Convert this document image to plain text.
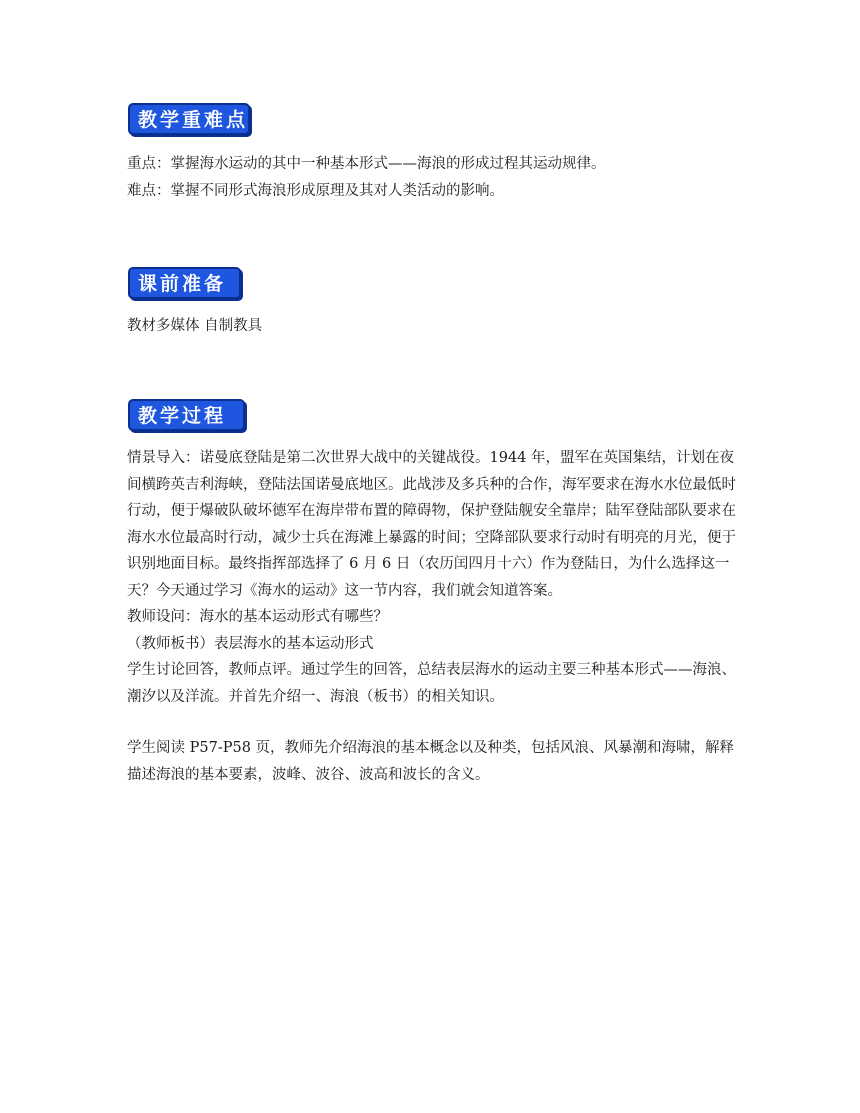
教学重难点

重点：掌握海水运动的其中一种基本形式——海浪的形成过程其运动规律。

难点：掌握不同形式海浪形成原理及其对人类活动的影响。

课前准备

教材多媒体 自制教具

教学过程

情景导入：诺曼底登陆是第二次世界大战中的关键战役。1944 年，盟军在英国集结，计划在夜间横跨英吉利海峡，登陆法国诺曼底地区。此战涉及多兵种的合作，海军要求在海水水位最低时行动，便于爆破队破坏德军在海岸带布置的障碍物，保护登陆舰安全靠岸；陆军登陆部队要求在海水水位最高时行动，减少士兵在海滩上暴露的时间；空降部队要求行动时有明亮的月光，便于识别地面目标。最终指挥部选择了 6 月 6 日（农历闰四月十六）作为登陆日，为什么选择这一天？今天通过学习《海水的运动》这一节内容，我们就会知道答案。

教师设问：海水的基本运动形式有哪些？

（教师板书）表层海水的基本运动形式

学生讨论回答，教师点评。通过学生的回答，总结表层海水的运动主要三种基本形式——海浪、潮汐以及洋流。并首先介绍一、海浪（板书）的相关知识。

学生阅读 P57-P58 页，教师先介绍海浪的基本概念以及种类，包括风浪、风暴潮和海啸，解释描述海浪的基本要素，波峰、波谷、波高和波长的含义。
